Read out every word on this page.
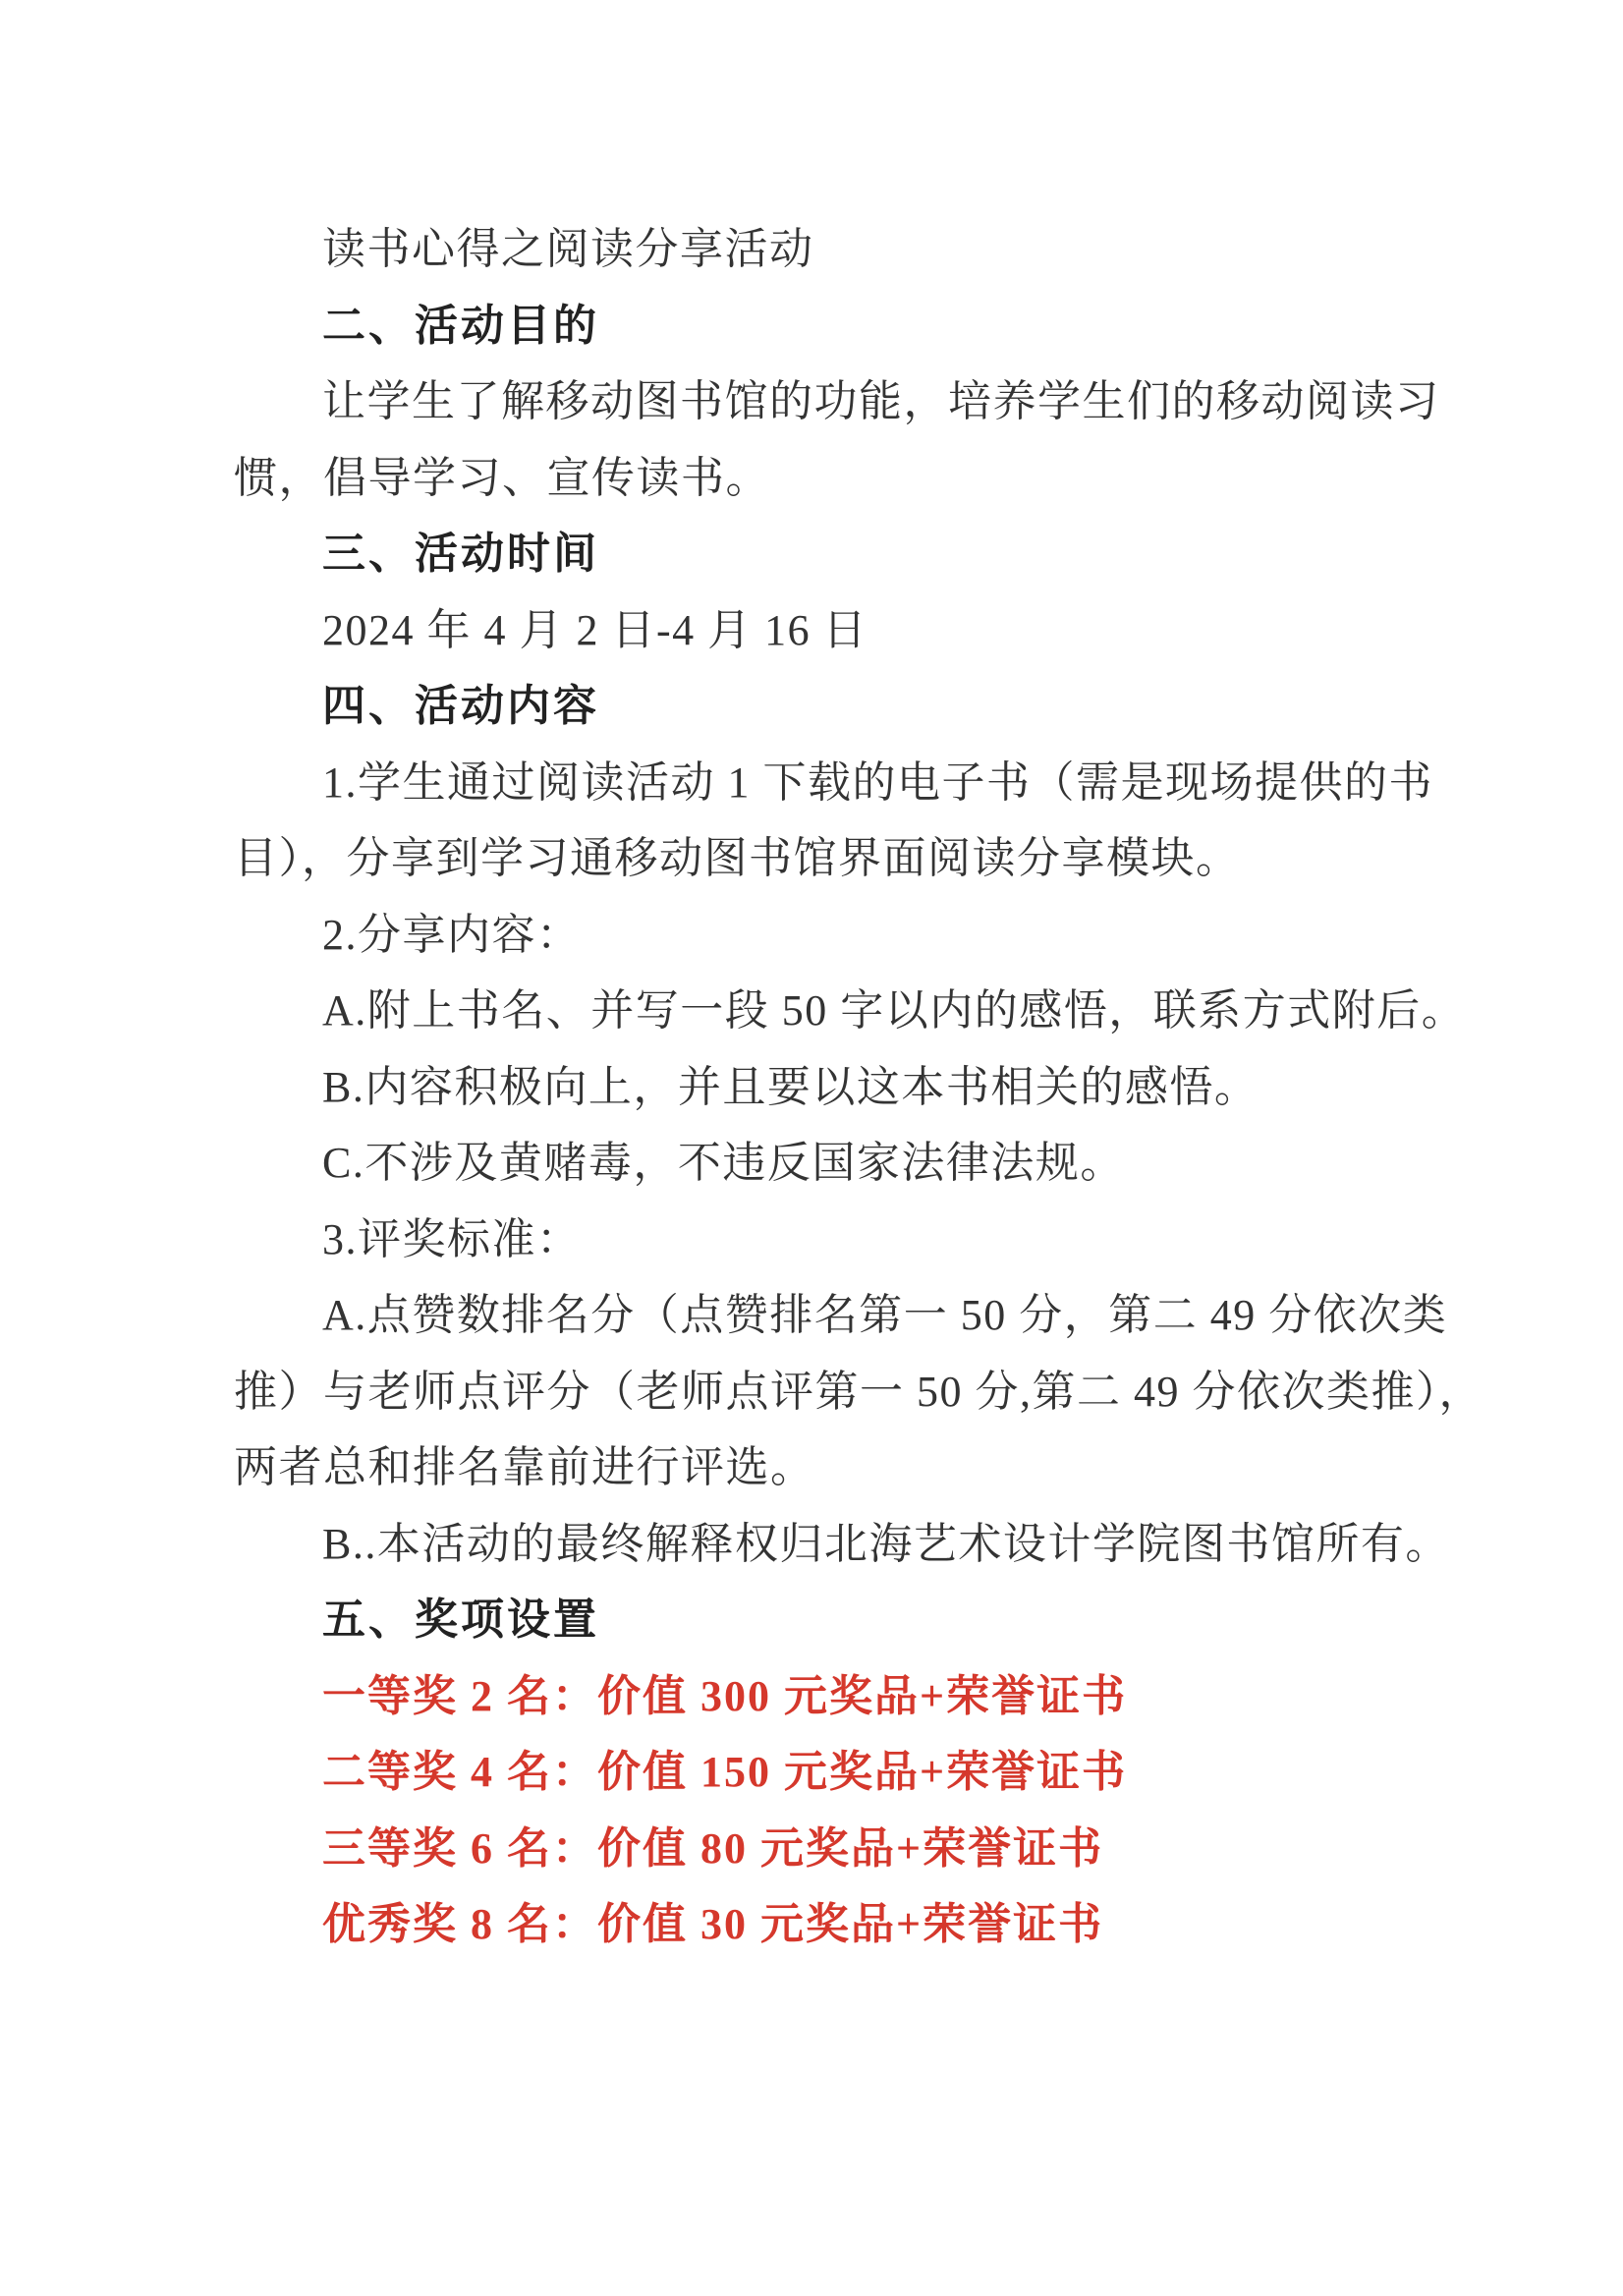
读书心得之阅读分享活动
二、活动目的
让学生了解移动图书馆的功能，培养学生们的移动阅读习
惯，倡导学习、宣传读书。
三、活动时间
2024 年 4 月 2 日-4 月 16 日
四、活动内容
1.学生通过阅读活动 1 下载的电子书（需是现场提供的书
目），分享到学习通移动图书馆界面阅读分享模块。
2.分享内容：
A.附上书名、并写一段 50 字以内的感悟，联系方式附后。
B.内容积极向上，并且要以这本书相关的感悟。
C.不涉及黄赌毒，不违反国家法律法规。
3.评奖标准：
A.点赞数排名分（点赞排名第一 50 分，第二 49 分依次类
推）与老师点评分（老师点评第一 50 分,第二 49 分依次类推），
两者总和排名靠前进行评选。
B..本活动的最终解释权归北海艺术设计学院图书馆所有。
五、奖项设置
一等奖 2 名：价值 300 元奖品+荣誉证书
二等奖 4 名：价值 150 元奖品+荣誉证书
三等奖 6 名：价值 80 元奖品+荣誉证书
优秀奖 8 名：价值 30 元奖品+荣誉证书
